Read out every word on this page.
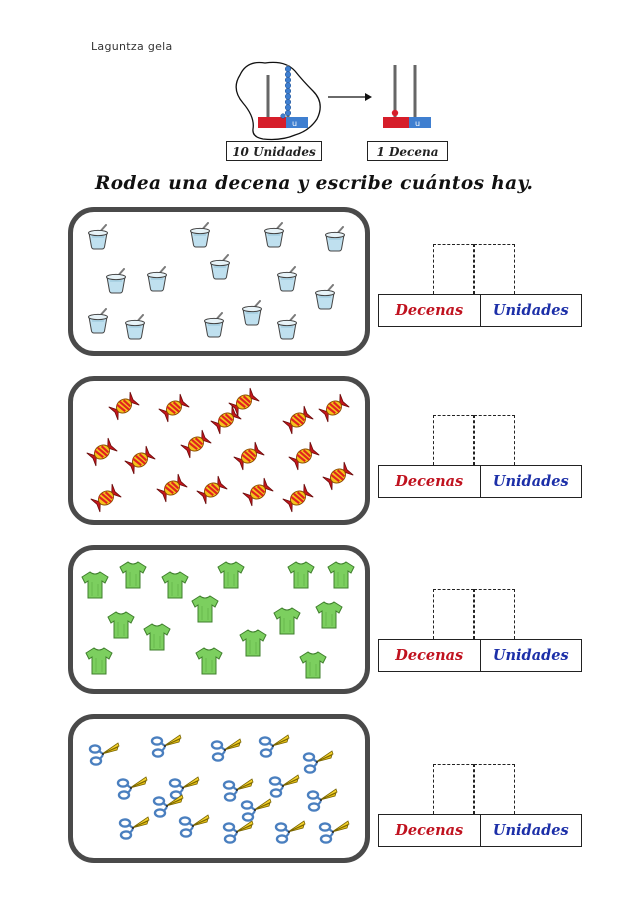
Laguntza gela
u	u
10 Unidades	1 Decena
Rodea una decena y escribe cuántos hay.
Decenas	Unidades
Decenas	Unidades
Decenas	Unidades
Decenas	Unidades
